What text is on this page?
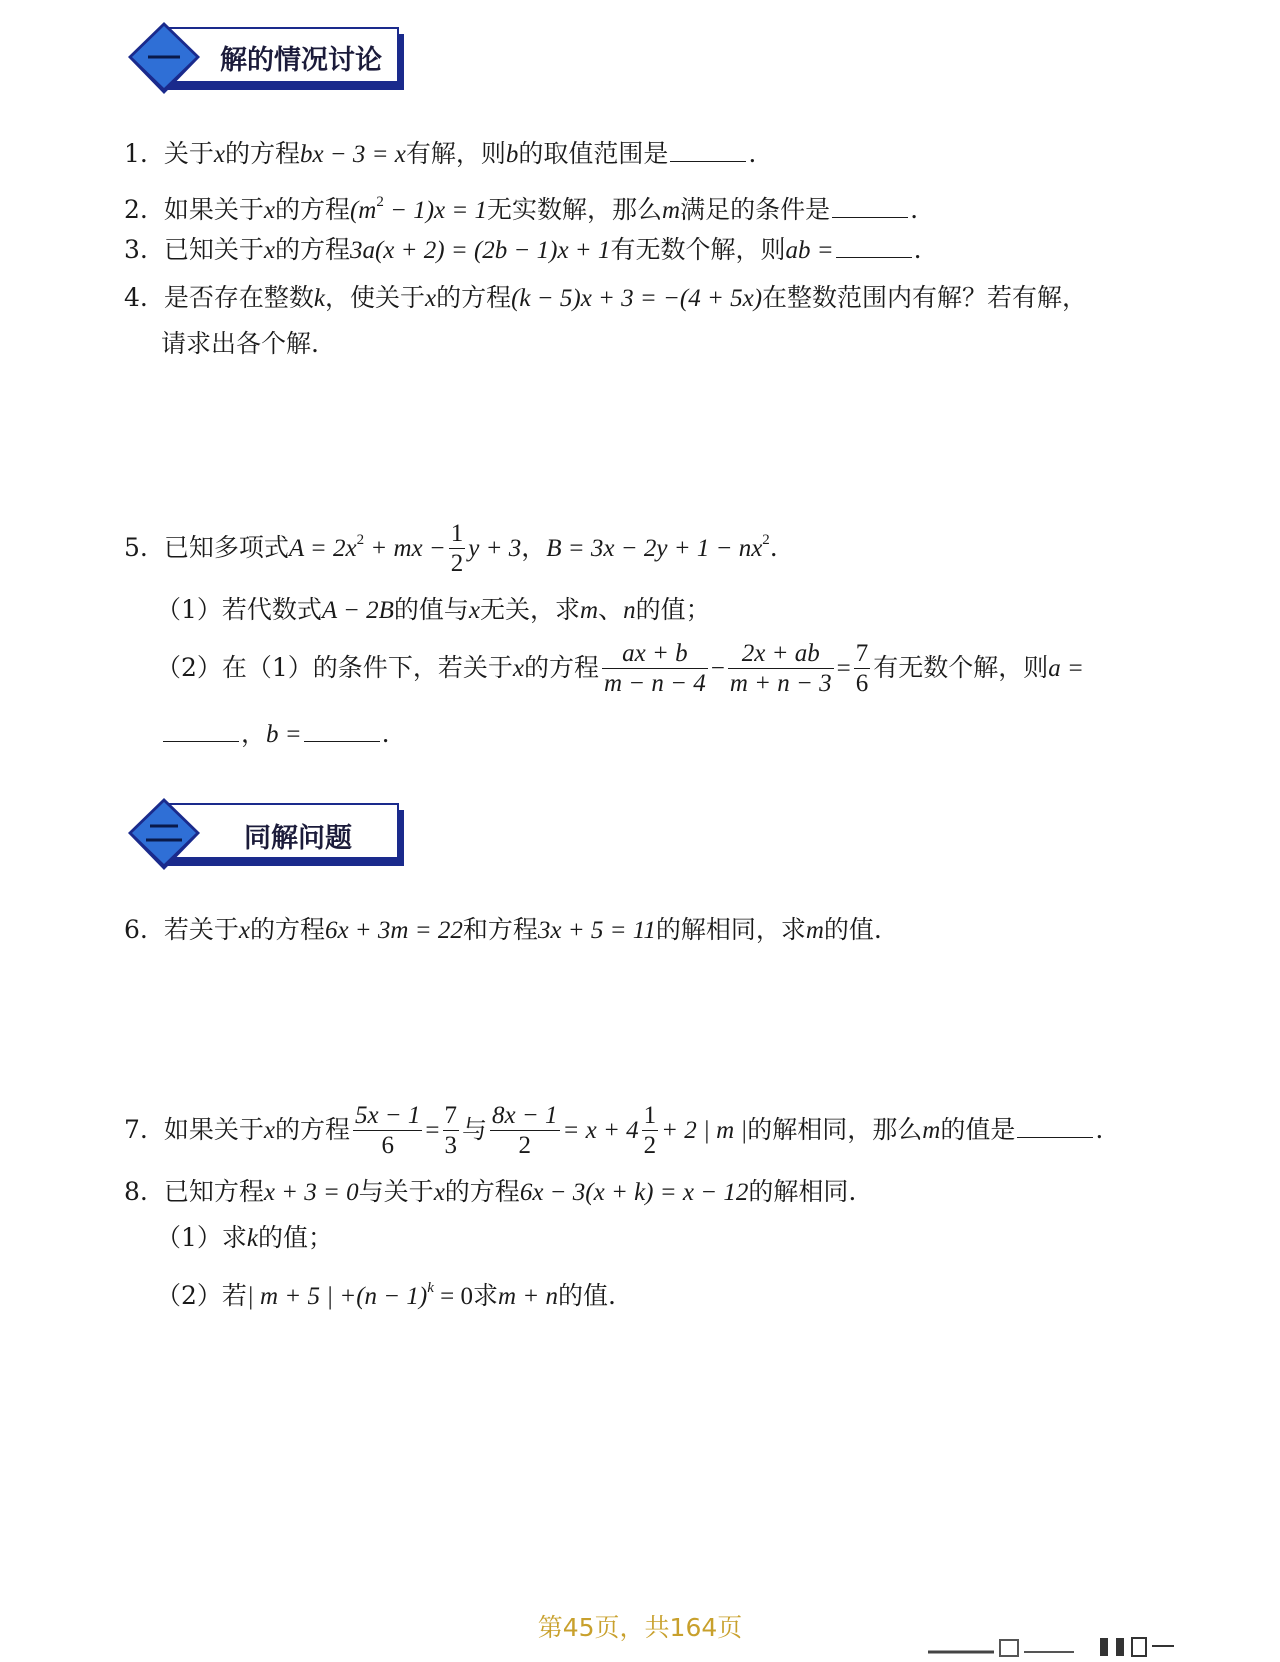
解的情况讨论
1. 关于x的方程bx − 3 = x有解，则b的取值范围是	.
2. 如果关于x的方程$(m^2 - 1)x = 1$无实数解，那么m满足的条件是	.
3. 已知关于x的方程3a(x + 2) = (2b − 1)x + 1有无数个解，则ab =	.
4. 是否存在整数k，使关于x的方程(k − 5)x + 3 = −(4 + 5x)在整数范围内有解？若有解，
请求出各个解.
5. 已知多项式$A = 2x^2$ + mx − $\frac{1}{2}$ y + 3，$B = 3x - 2y + 1 - nx^2$.
（1）若代数式A − 2B的值与x无关，求m、n的值；
（2）在（1）的条件下，若关于x的方程 $\frac{ax + b}{m - n - 4} - \frac{2x + ab}{m + n - 3} = \frac{7}{6}$ 有无数个解，则a =
，b =	.
同解问题
6. 若关于x的方程6x + 3m = 22和方程3x + 5 = 11的解相同，求m的值.
7. 如果关于x的方程 $\frac{5x - 1}{6} = \frac{7}{3}$ 与 $\frac{8x - 1}{2} = x + 4 \frac{1}{2} + 2$ | m |的解相同，那么m的值是	.
8. 已知方程x + 3 = 0与关于x的方程6x − 3(x + k) = x − 12的解相同.
（1）求k的值；
（2）若| m + 5 | $+(n - 1)^k = 0$求m + n的值.
第45页，共164页
